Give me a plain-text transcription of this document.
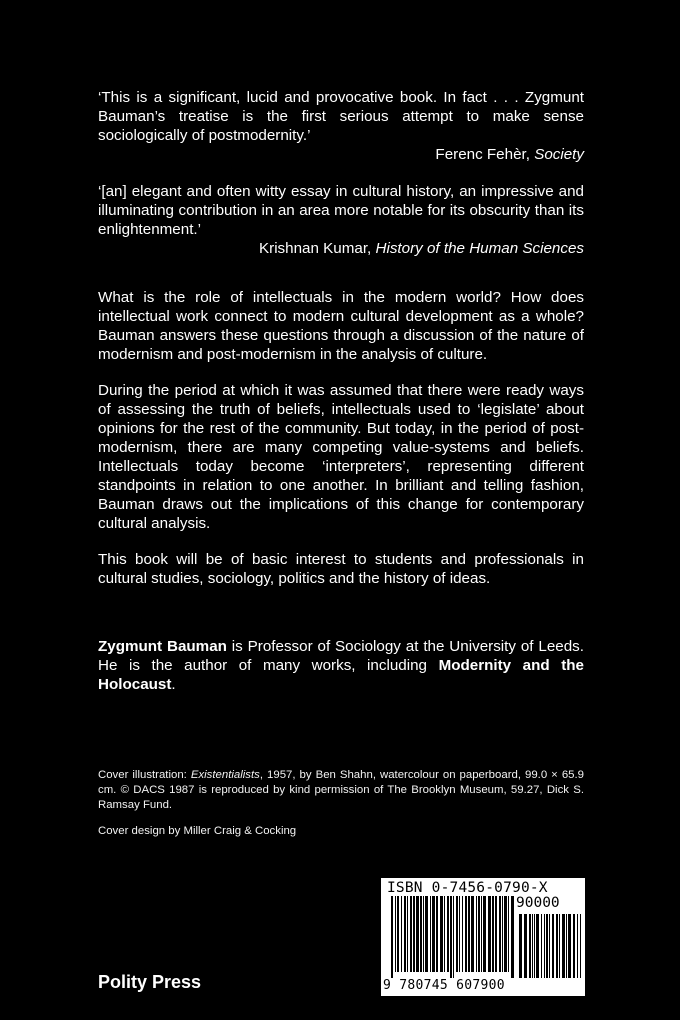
‘This is a significant, lucid and provocative book. In fact . . . Zygmunt Bauman’s treatise is the first serious attempt to make sense sociologically of postmodernity.’
Ferenc Fehèr, Society
‘[an] elegant and often witty essay in cultural history, an impressive and illuminating contribution in an area more notable for its obscurity than its enlightenment.’
Krishnan Kumar, History of the Human Sciences
What is the role of intellectuals in the modern world? How does intellectual work connect to modern cultural development as a whole? Bauman answers these questions through a discussion of the nature of modernism and post-modernism in the analysis of culture.
During the period at which it was assumed that there were ready ways of assessing the truth of beliefs, intellectuals used to ‘legislate’ about opinions for the rest of the community. But today, in the period of post-modernism, there are many competing value-systems and beliefs. Intellectuals today become ‘interpreters’, representing different standpoints in relation to one another. In brilliant and telling fashion, Bauman draws out the implications of this change for contemporary cultural analysis.
This book will be of basic interest to students and professionals in cultural studies, sociology, politics and the history of ideas.
Zygmunt Bauman is Professor of Sociology at the University of Leeds. He is the author of many works, including Modernity and the Holocaust.
Cover illustration: Existentialists, 1957, by Ben Shahn, watercolour on paperboard, 99.0 × 65.9 cm. © DACS 1987 is reproduced by kind permission of The Brooklyn Museum, 59.27, Dick S. Ramsay Fund.
Cover design by Miller Craig & Cocking
Polity Press
ISBN 0-7456-0790-X
90000
9 780745 607900
